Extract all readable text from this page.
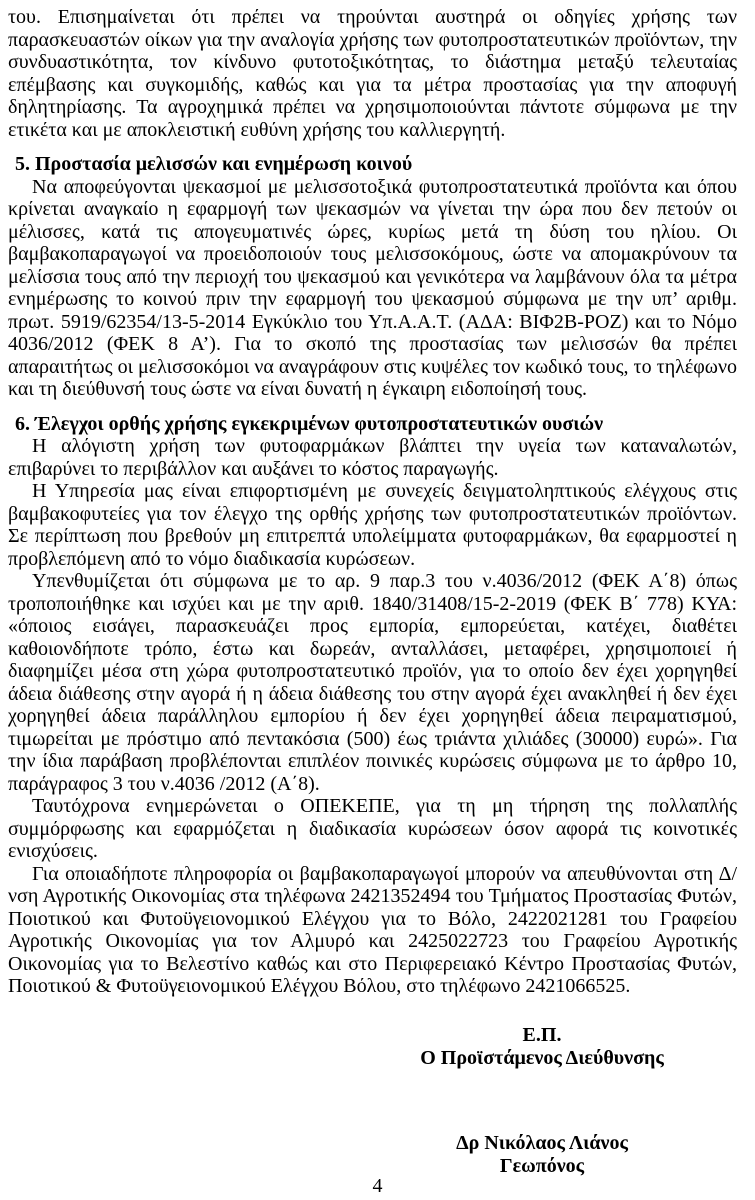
του. Επισημαίνεται ότι πρέπει να τηρούνται αυστηρά οι οδηγίες χρήσης των παρασκευαστών οίκων για την αναλογία χρήσης των φυτοπροστατευτικών προϊόντων, την συνδυαστικότητα, τον κίνδυνο φυτοτοξικότητας, το διάστημα μεταξύ τελευταίας επέμβασης και συγκομιδής, καθώς και για τα μέτρα προστασίας για την αποφυγή δηλητηρίασης. Τα αγροχημικά πρέπει να χρησιμοποιούνται πάντοτε σύμφωνα με την ετικέτα και με αποκλειστική ευθύνη χρήσης του καλλιεργητή.

5. Προστασία μελισσών και ενημέρωση κοινού

Να αποφεύγονται ψεκασμοί με μελισσοτοξικά φυτοπροστατευτικά προϊόντα και όπου κρίνεται αναγκαίο η εφαρμογή των ψεκασμών να γίνεται την ώρα που δεν πετούν οι μέλισσες, κατά τις απογευματινές ώρες, κυρίως μετά τη δύση του ηλίου. Οι βαμβακοπαραγωγοί να προειδοποιούν τους μελισσοκόμους, ώστε να απομακρύνουν τα μελίσσια τους από την περιοχή του ψεκασμού και γενικότερα να λαμβάνουν όλα τα μέτρα ενημέρωσης το κοινού πριν την εφαρμογή του ψεκασμού σύμφωνα με την υπ’ αριθμ. πρωτ. 5919/62354/13-5-2014 Εγκύκλιο του Υπ.Α.Α.Τ. (ΑΔΑ: ΒΙΦ2Β-ΡΟΖ) και το Νόμο 4036/2012 (ΦΕΚ 8 Α’). Για το σκοπό της προστασίας των μελισσών θα πρέπει απαραιτήτως οι μελισσοκόμοι να αναγράφουν στις κυψέλες τον κωδικό τους, το τηλέφωνο και τη διεύθυνσή τους ώστε να είναι δυνατή η έγκαιρη ειδοποίησή τους.

6. Έλεγχοι ορθής χρήσης εγκεκριμένων φυτοπροστατευτικών ουσιών

Η αλόγιστη χρήση των φυτοφαρμάκων βλάπτει την υγεία των καταναλωτών, επιβαρύνει το περιβάλλον και αυξάνει το κόστος παραγωγής.

Η Υπηρεσία μας είναι επιφορτισμένη με συνεχείς δειγματοληπτικούς ελέγχους στις βαμβακοφυτείες για τον έλεγχο της ορθής χρήσης των φυτοπροστατευτικών προϊόντων. Σε περίπτωση που βρεθούν μη επιτρεπτά υπολείμματα φυτοφαρμάκων, θα εφαρμοστεί η προβλεπόμενη από το νόμο διαδικασία κυρώσεων.

Υπενθυμίζεται ότι σύμφωνα με το αρ. 9 παρ.3 του ν.4036/2012 (ΦΕΚ Α΄8) όπως τροποποιήθηκε και ισχύει και με την αριθ. 1840/31408/15-2-2019 (ΦΕΚ Β΄ 778) ΚΥΑ: «όποιος εισάγει, παρασκευάζει προς εμπορία, εμπορεύεται, κατέχει, διαθέτει καθοιονδήποτε τρόπο, έστω και δωρεάν, ανταλλάσει, μεταφέρει, χρησιμοποιεί ή διαφημίζει μέσα στη χώρα φυτοπροστατευτικό προϊόν, για το οποίο δεν έχει χορηγηθεί άδεια διάθεσης στην αγορά ή η άδεια διάθεσης του στην αγορά έχει ανακληθεί ή δεν έχει χορηγηθεί άδεια παράλληλου εμπορίου ή δεν έχει χορηγηθεί άδεια πειραματισμού, τιμωρείται με πρόστιμο από πεντακόσια (500) έως τριάντα χιλιάδες (30000) ευρώ». Για την ίδια παράβαση προβλέπονται επιπλέον ποινικές κυρώσεις σύμφωνα με το άρθρο 10, παράγραφος 3 του ν.4036 /2012 (Α΄8).

Ταυτόχρονα ενημερώνεται ο ΟΠΕΚΕΠΕ, για τη μη τήρηση της πολλαπλής συμμόρφωσης και εφαρμόζεται η διαδικασία κυρώσεων όσον αφορά τις κοινοτικές ενισχύσεις.

Για οποιαδήποτε πληροφορία οι βαμβακοπαραγωγοί μπορούν να απευθύνονται στη Δ/νση Αγροτικής Οικονομίας στα τηλέφωνα 2421352494 του Τμήματος Προστασίας Φυτών, Ποιοτικού και Φυτοϋγειονομικού Ελέγχου για το Βόλο, 2422021281 του Γραφείου Αγροτικής Οικονομίας για τον Αλμυρό και 2425022723 του Γραφείου Αγροτικής Οικονομίας για το Βελεστίνο καθώς και στο Περιφερειακό Κέντρο Προστασίας Φυτών, Ποιοτικού & Φυτοϋγειονομικού Ελέγχου Βόλου, στο τηλέφωνο 2421066525.

Ε.Π.
Ο Προϊστάμενος Διεύθυνσης
Δρ Νικόλαος Λιάνος
Γεωπόνος
4
